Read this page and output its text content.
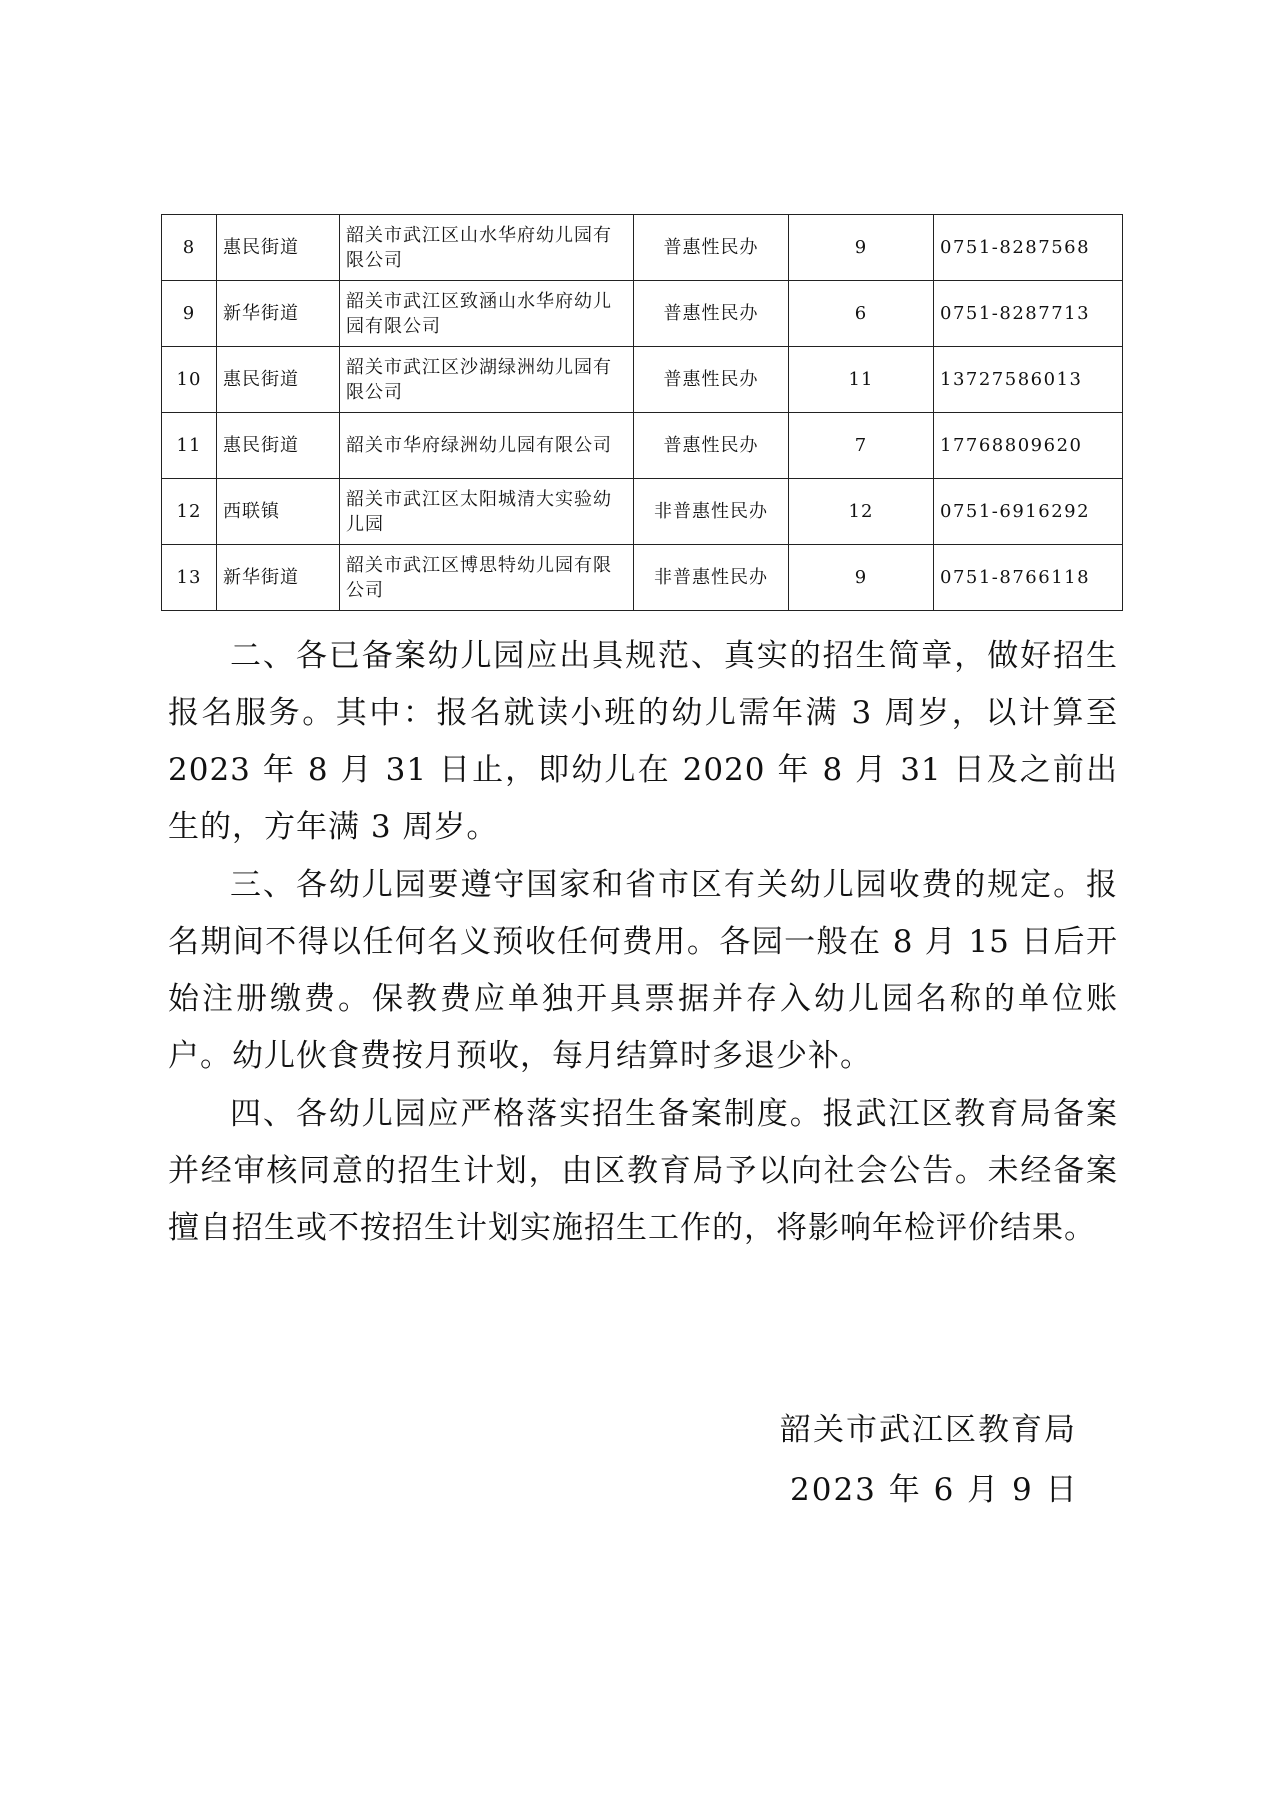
8	惠民街道	韶关市武江区山水华府幼儿园有限公司	普惠性民办	9	0751-8287568
9	新华街道	韶关市武江区致涵山水华府幼儿园有限公司	普惠性民办	6	0751-8287713
10	惠民街道	韶关市武江区沙湖绿洲幼儿园有限公司	普惠性民办	11	13727586013
11	惠民街道	韶关市华府绿洲幼儿园有限公司	普惠性民办	7	17768809620
12	西联镇	韶关市武江区太阳城清大实验幼儿园	非普惠性民办	12	0751-6916292
13	新华街道	韶关市武江区博思特幼儿园有限公司	非普惠性民办	9	0751-8766118

二、各已备案幼儿园应出具规范、真实的招生简章，做好招生报名服务。其中：报名就读小班的幼儿需年满 3 周岁，以计算至 2023 年 8 月 31 日止，即幼儿在 2020 年 8 月 31 日及之前出生的，方年满 3 周岁。

三、各幼儿园要遵守国家和省市区有关幼儿园收费的规定。报名期间不得以任何名义预收任何费用。各园一般在 8 月 15 日后开始注册缴费。保教费应单独开具票据并存入幼儿园名称的单位账户。幼儿伙食费按月预收，每月结算时多退少补。

四、各幼儿园应严格落实招生备案制度。报武江区教育局备案并经审核同意的招生计划，由区教育局予以向社会公告。未经备案擅自招生或不按招生计划实施招生工作的，将影响年检评价结果。

韶关市武江区教育局
2023 年 6 月 9 日
